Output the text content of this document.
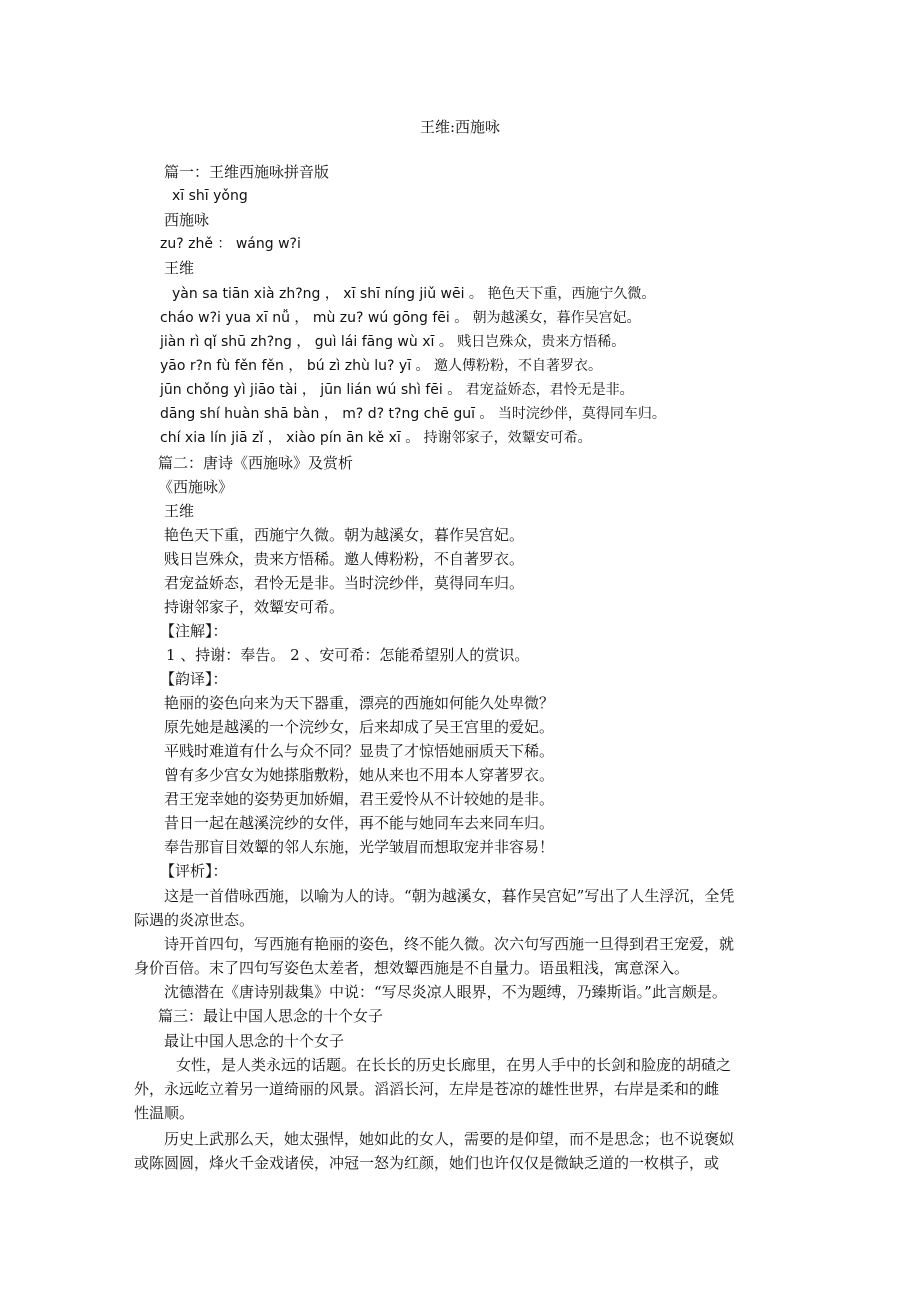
王维:西施咏
篇一：王维西施咏拼音版
xī shī yǒng
西施咏
zu? zhě ： wáng w?i
王维
yàn sa tiān xià zh?ng ， xī shī níng jiǔ wēi 。 艳色天下重，西施宁久微。
cháo w?i yua xī nǚ ， mù zu? wú gōng fēi 。 朝为越溪女，暮作吴宫妃。
jiàn rì qǐ shū zh?ng ， guì lái fāng wù xī 。 贱日岂殊众，贵来方悟稀。
yāo r?n fù fěn fěn ， bú zì zhù lu? yī 。 邀人傅粉粉，不自著罗衣。
jūn chǒng yì jiāo tài ， jūn lián wú shì fēi 。 君宠益娇态，君怜无是非。
dāng shí huàn shā bàn ， m? d? t?ng chē guī 。 当时浣纱伴，莫得同车归。
chí xia lín jiā zǐ ， xiào pín ān kě xī 。 持谢邻家子，效颦安可希。
篇二：唐诗《西施咏》及赏析
《西施咏》
王维
艳色天下重，西施宁久微。朝为越溪女，暮作吴宫妃。
贱日岂殊众，贵来方悟稀。邀人傅粉粉，不自著罗衣。
君宠益娇态，君怜无是非。当时浣纱伴，莫得同车归。
持谢邻家子，效颦安可希。
【注解】：
1 、持谢：奉告。 2 、安可希：怎能希望别人的赏识。
【韵译】：
艳丽的姿色向来为天下器重，漂亮的西施如何能久处卑微？
原先她是越溪的一个浣纱女，后来却成了吴王宫里的爱妃。
平贱时难道有什么与众不同？显贵了才惊悟她丽质天下稀。
曾有多少宫女为她搽脂敷粉，她从来也不用本人穿著罗衣。
君王宠幸她的姿势更加娇媚，君王爱怜从不计较她的是非。
昔日一起在越溪浣纱的女伴，再不能与她同车去来同车归。
奉告那盲目效颦的邻人东施，光学皱眉而想取宠并非容易！
【评析】：
这是一首借咏西施，以喻为人的诗。“朝为越溪女，暮作吴宫妃”写出了人生浮沉，全凭
际遇的炎凉世态。
诗开首四句，写西施有艳丽的姿色，终不能久微。次六句写西施一旦得到君王宠爱，就
身价百倍。末了四句写姿色太差者，想效颦西施是不自量力。语虽粗浅，寓意深入。
沈德潜在《唐诗别裁集》中说：“写尽炎凉人眼界，不为题缚，乃臻斯诣。”此言颇是。
篇三：最让中国人思念的十个女子
最让中国人思念的十个女子
女性，是人类永远的话题。在长长的历史长廊里，在男人手中的长剑和脸庞的胡碴之
外，永远屹立着另一道绮丽的风景。滔滔长河，左岸是苍凉的雄性世界，右岸是柔和的雌
性温顺。
历史上武那么天，她太强悍，她如此的女人，需要的是仰望，而不是思念；也不说褒姒
或陈圆圆，烽火千金戏诸侯，冲冠一怒为红颜，她们也许仅仅是微缺乏道的一枚棋子，或
